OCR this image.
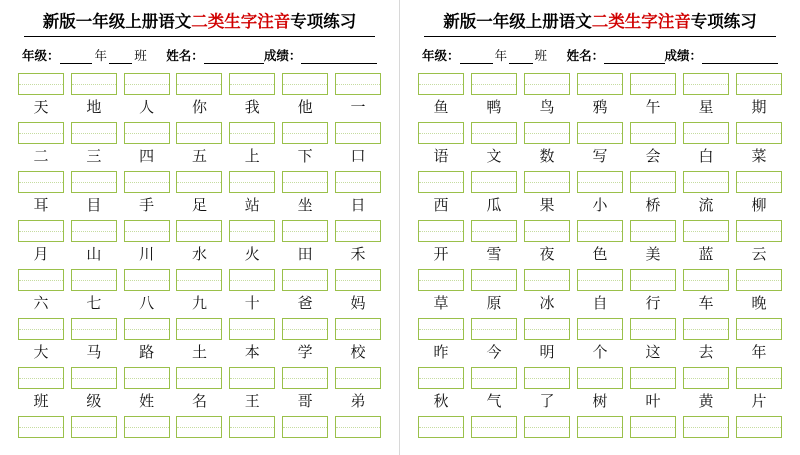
新版一年级上册语文二类生字注音专项练习
年级：	年 班 姓名：	成绩：
天	地	人	你	我	他	一
二	三	四	五	上	下	口
耳	目	手	足	站	坐	日
月	山	川	水	火	田	禾
六	七	八	九	十	爸	妈
大	马	路	土	本	学	校
班	级	姓	名	王	哥	弟
新版一年级上册语文二类生字注音专项练习
年级：	年 班 姓名：	成绩：
鱼	鸭	鸟	鸦	午	星	期
语	文	数	写	会	白	菜
西	瓜	果	小	桥	流	柳
开	雪	夜	色	美	蓝	云
草	原	冰	自	行	车	晚
昨	今	明	个	这	去	年
秋	气	了	树	叶	黄	片
